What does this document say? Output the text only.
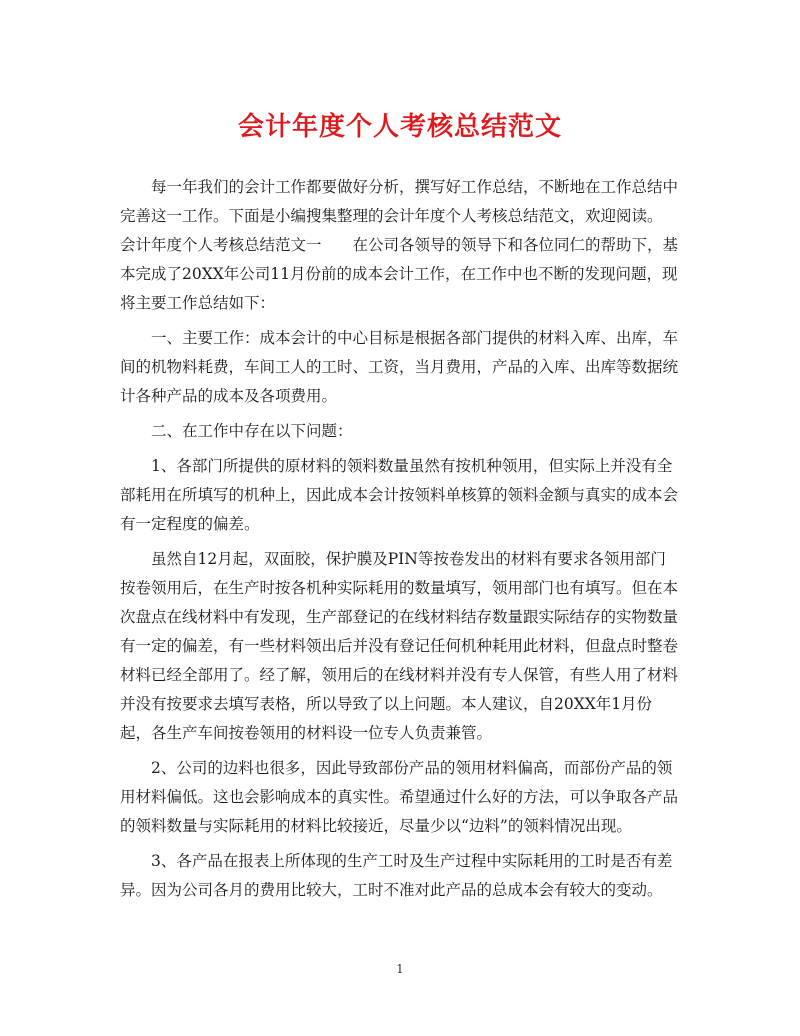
会计年度个人考核总结范文

每一年我们的会计工作都要做好分析，撰写好工作总结，不断地在工作总结中完善这一工作。下面是小编搜集整理的会计年度个人考核总结范文，欢迎阅读。

会计年度个人考核总结范文一　　在公司各领导的领导下和各位同仁的帮助下，基本完成了20XX年公司11月份前的成本会计工作，在工作中也不断的发现问题，现将主要工作总结如下：

一、主要工作：成本会计的中心目标是根据各部门提供的材料入库、出库，车间的机物料耗费，车间工人的工时、工资，当月费用，产品的入库、出库等数据统计各种产品的成本及各项费用。

二、在工作中存在以下问题：

1、各部门所提供的原材料的领料数量虽然有按机种领用，但实际上并没有全部耗用在所填写的机种上，因此成本会计按领料单核算的领料金额与真实的成本会有一定程度的偏差。

虽然自12月起，双面胶，保护膜及PIN等按卷发出的材料有要求各领用部门按卷领用后，在生产时按各机种实际耗用的数量填写，领用部门也有填写。但在本次盘点在线材料中有发现，生产部登记的在线材料结存数量跟实际结存的实物数量有一定的偏差，有一些材料领出后并没有登记任何机种耗用此材料，但盘点时整卷材料已经全部用了。经了解，领用后的在线材料并没有专人保管，有些人用了材料并没有按要求去填写表格，所以导致了以上问题。本人建议，自20XX年1月份起，各生产车间按卷领用的材料设一位专人负责兼管。

2、公司的边料也很多，因此导致部份产品的领用材料偏高，而部份产品的领用材料偏低。这也会影响成本的真实性。希望通过什么好的方法，可以争取各产品的领料数量与实际耗用的材料比较接近，尽量少以“边料”的领料情况出现。

3、各产品在报表上所体现的生产工时及生产过程中实际耗用的工时是否有差异。因为公司各月的费用比较大，工时不准对此产品的总成本会有较大的变动。

1
